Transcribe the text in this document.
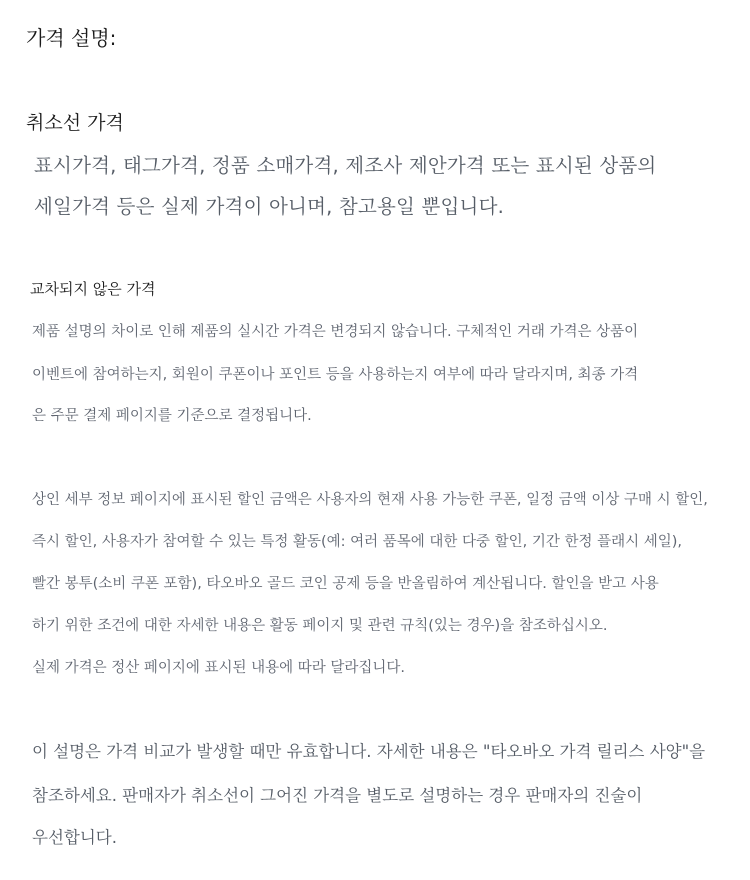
가격 설명:

취소선 가격

표시가격, 태그가격, 정품 소매가격, 제조사 제안가격 또는 표시된 상품의

세일가격 등은 실제 가격이 아니며, 참고용일 뿐입니다.

교차되지 않은 가격

제품 설명의 차이로 인해 제품의 실시간 가격은 변경되지 않습니다. 구체적인 거래 가격은 상품이

이벤트에 참여하는지, 회원이 쿠폰이나 포인트 등을 사용하는지 여부에 따라 달라지며, 최종 가격

은 주문 결제 페이지를 기준으로 결정됩니다.

상인 세부 정보 페이지에 표시된 할인 금액은 사용자의 현재 사용 가능한 쿠폰, 일정 금액 이상 구매 시 할인,

즉시 할인, 사용자가 참여할 수 있는 특정 활동(예: 여러 품목에 대한 다중 할인, 기간 한정 플래시 세일),

빨간 봉투(소비 쿠폰 포함), 타오바오 골드 코인 공제 등을 반올림하여 계산됩니다. 할인을 받고 사용

하기 위한 조건에 대한 자세한 내용은 활동 페이지 및 관련 규칙(있는 경우)을 참조하십시오.

실제 가격은 정산 페이지에 표시된 내용에 따라 달라집니다.

이 설명은 가격 비교가 발생할 때만 유효합니다. 자세한 내용은 "타오바오 가격 릴리스 사양"을

참조하세요. 판매자가 취소선이 그어진 가격을 별도로 설명하는 경우 판매자의 진술이

우선합니다.
